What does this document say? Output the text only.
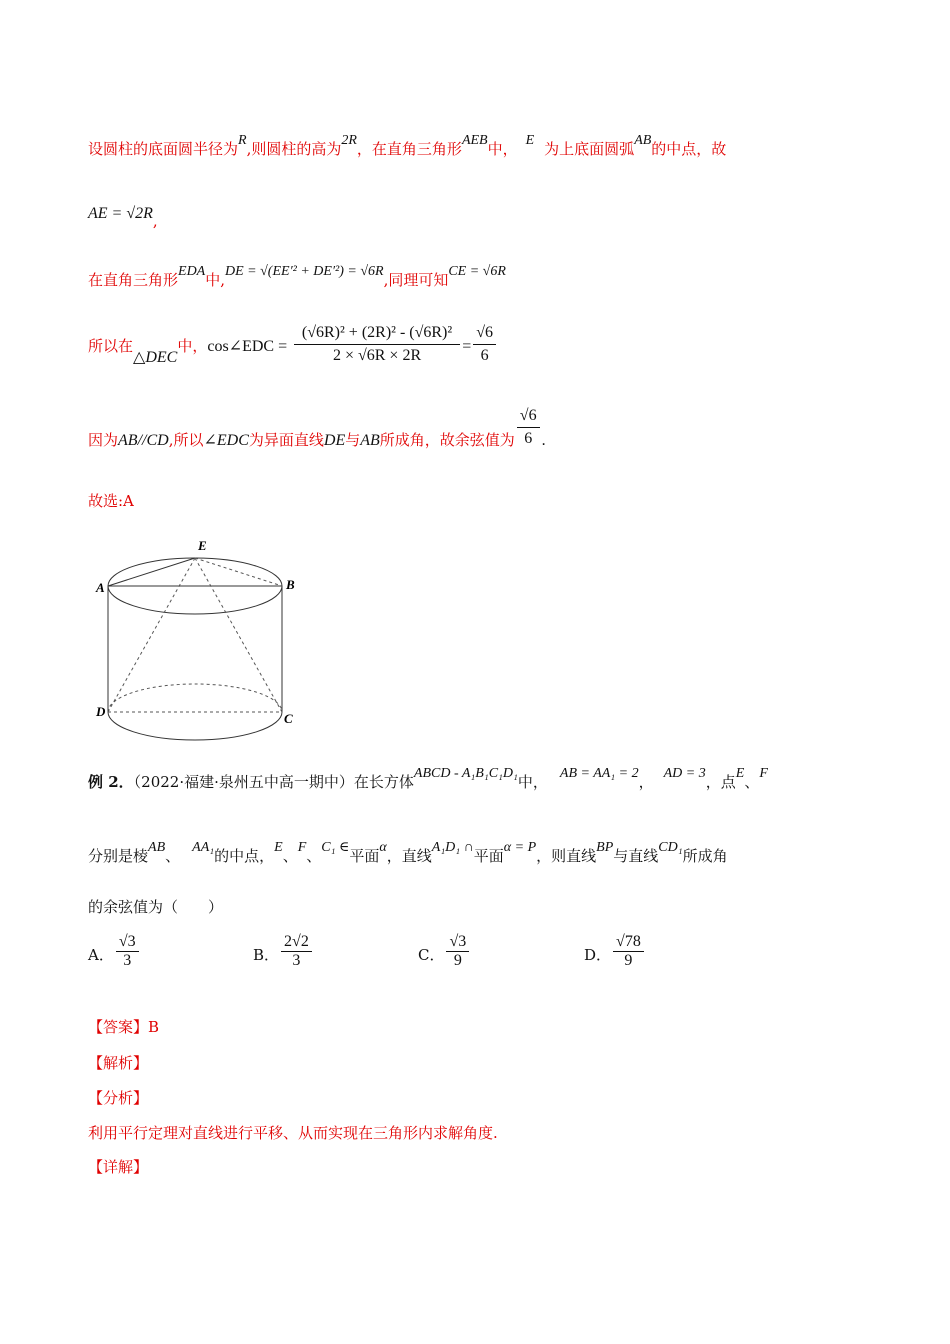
设圆柱的底面圆半径为R,则圆柱的高为2R，在直角三角形AEB中， E 为上底面圆弧AB的中点，故
AE = √2R,
在直角三角形EDA中,DE = √(EE′² + DE′²) = √6R,同理可知CE = √6R
所以在△DEC中，cos∠EDC = $\frac{\text{(√6R)² + (2R)² - (√6R)²}}{2 \times √6R \times 2R} = \frac{√6}{6}$
因为AB//CD,所以∠EDC为异面直线DE与AB所成角，故余弦值为 $\frac{√6}{6}$ .
故选:A
E
A	B
D	C
例 2．（2022·福建·泉州五中高一期中）在长方体ABCD - A₁B₁C₁D₁中， AB = AA₁ = 2， AD = 3，点E、F
分别是棱AB、 AA₁的中点，E、F、C₁ ∈平面α，直线A₁D₁ ∩平面α = P，则直线BP与直线CD₁所成角
的余弦值为（　　）
A． $\frac{√3}{3}$	B． $\frac{2√2}{3}$	C． $\frac{√3}{9}$	D． $\frac{√78}{9}$
【答案】B
【解析】
【分析】
利用平行定理对直线进行平移、从而实现在三角形内求解角度.
【详解】
